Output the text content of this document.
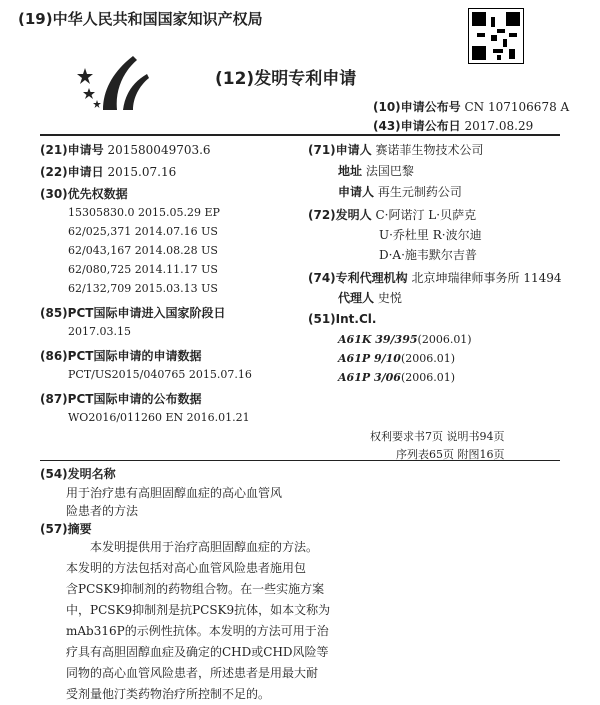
(19)中华人民共和国国家知识产权局
(12)发明专利申请
(10)申请公布号 CN 107106678 A
(43)申请公布日 2017.08.29
(21)申请号 201580049703.6
(22)申请日 2015.07.16
(30)优先权数据
15305830.0 2015.05.29 EP
62/025,371 2014.07.16 US
62/043,167 2014.08.28 US
62/080,725 2014.11.17 US
62/132,709 2015.03.13 US
(85)PCT国际申请进入国家阶段日
2017.03.15
(86)PCT国际申请的申请数据
PCT/US2015/040765 2015.07.16
(87)PCT国际申请的公布数据
WO2016/011260 EN 2016.01.21
(71)申请人 赛诺菲生物技术公司
地址 法国巴黎
申请人 再生元制药公司
(72)发明人 C·阿诺汀 L·贝萨克
U·乔杜里 R·波尔迪
D·A·施韦默尔吉普
(74)专利代理机构 北京坤瑞律师事务所 11494
代理人 史悦
(51)Int.Cl.
A61K 39/395(2006.01)
A61P 9/10(2006.01)
A61P 3/06(2006.01)
权利要求书7页 说明书94页
序列表65页 附图16页
(54)发明名称
用于治疗患有高胆固醇血症的高心血管风
险患者的方法
(57)摘要
本发明提供用于治疗高胆固醇血症的方法。
本发明的方法包括对高心血管风险患者施用包
含PCSK9抑制剂的药物组合物。在一些实施方案
中，PCSK9抑制剂是抗PCSK9抗体，如本文称为
mAb316P的示例性抗体。本发明的方法可用于治
疗具有高胆固醇血症及确定的CHD或CHD风险等
同物的高心血管风险患者，所述患者是用最大耐
受剂量他汀类药物治疗所控制不足的。
